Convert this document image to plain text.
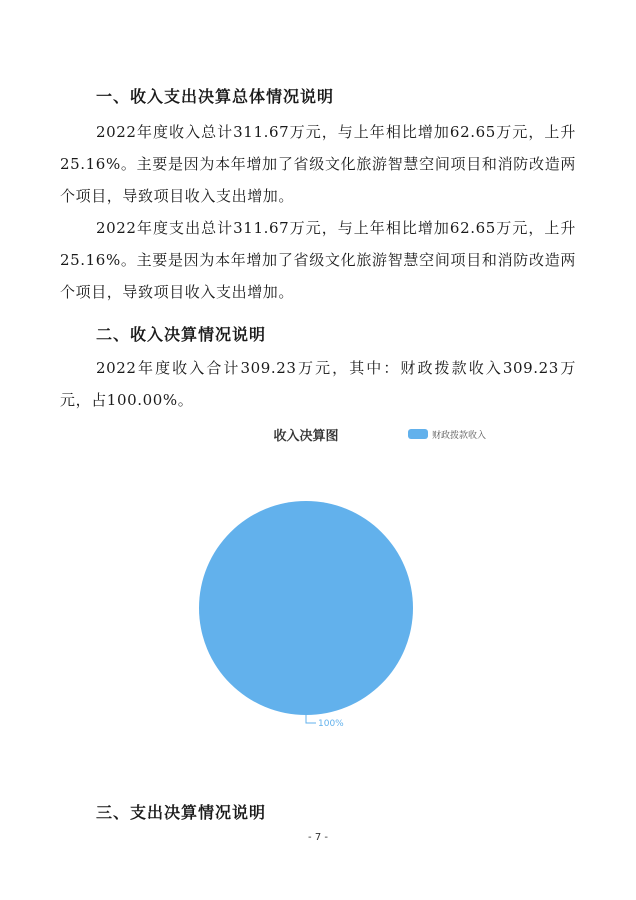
一、收入支出决算总体情况说明

2022年度收入总计311.67万元，与上年相比增加62.65万元，上升25.16%。主要是因为本年增加了省级文化旅游智慧空间项目和消防改造两个项目，导致项目收入支出增加。

2022年度支出总计311.67万元，与上年相比增加62.65万元，上升25.16%。主要是因为本年增加了省级文化旅游智慧空间项目和消防改造两个项目，导致项目收入支出增加。

二、收入决算情况说明

2022年度收入合计309.23万元，其中：财政拨款收入309.23万元，占100.00%。

收入决算图	财政拨款收入
100%
三、支出决算情况说明

- 7 -
